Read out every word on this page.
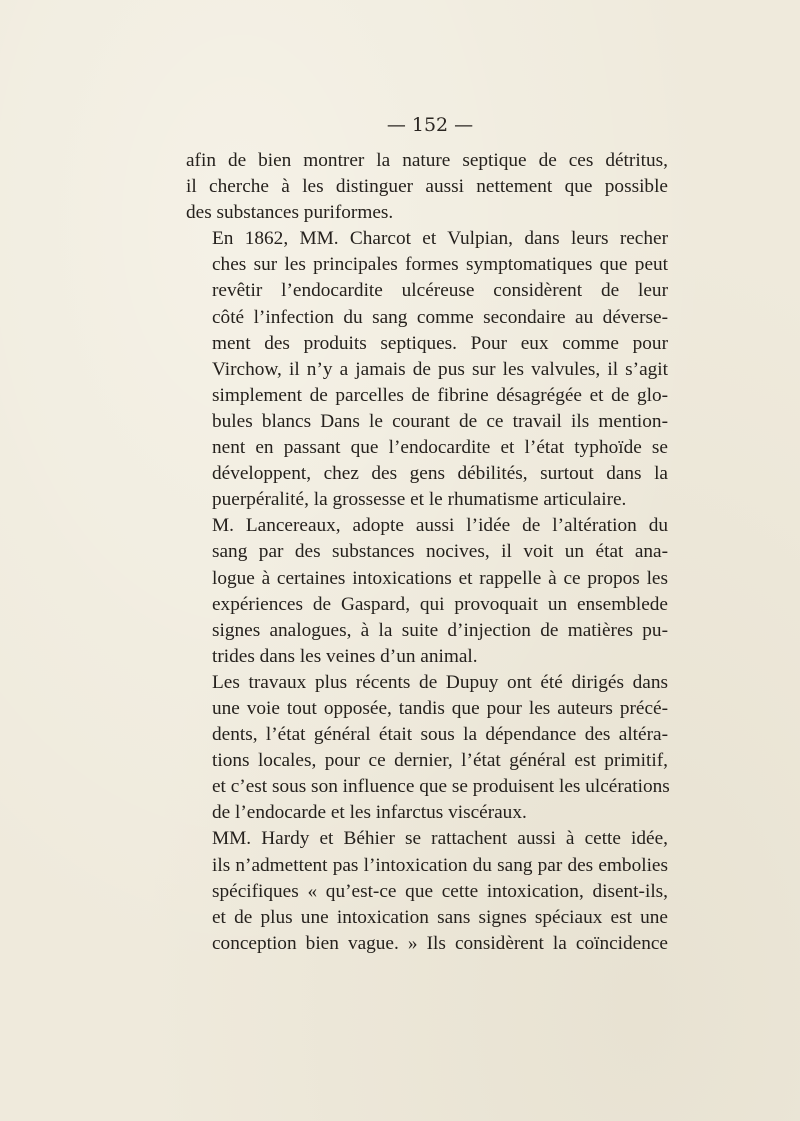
— 152 —

afin de bien montrer la nature septique de ces détritus,
il cherche à les distinguer aussi nettement que possible
des substances puriformes.

En 1862, MM. Charcot et Vulpian, dans leurs recher
ches sur les principales formes symptomatiques que peut
revêtir l’endocardite ulcéreuse considèrent de leur
côté l’infection du sang comme secondaire au déverse-
ment des produits septiques. Pour eux comme pour
Virchow, il n’y a jamais de pus sur les valvules, il s’agit
simplement de parcelles de fibrine désagrégée et de glo-
bules blancs Dans le courant de ce travail ils mention-
nent en passant que l’endocardite et l’état typhoïde se
développent, chez des gens débilités, surtout dans la
puerpéralité, la grossesse et le rhumatisme articulaire.

M. Lancereaux, adopte aussi l’idée de l’altération du
sang par des substances nocives, il voit un état ana-
logue à certaines intoxications et rappelle à ce propos les
expériences de Gaspard, qui provoquait un ensemblede
signes analogues, à la suite d’injection de matières pu-
trides dans les veines d’un animal.

Les travaux plus récents de Dupuy ont été dirigés dans
une voie tout opposée, tandis que pour les auteurs précé-
dents, l’état général était sous la dépendance des altéra-
tions locales, pour ce dernier, l’état général est primitif,
et c’est sous son influence que se produisent les ulcérations
de l’endocarde et les infarctus viscéraux.

MM. Hardy et Béhier se rattachent aussi à cette idée,
ils n’admettent pas l’intoxication du sang par des embolies
spécifiques « qu’est-ce que cette intoxication, disent-ils,
et de plus une intoxication sans signes spéciaux est une
conception bien vague. » Ils considèrent la coïncidence
